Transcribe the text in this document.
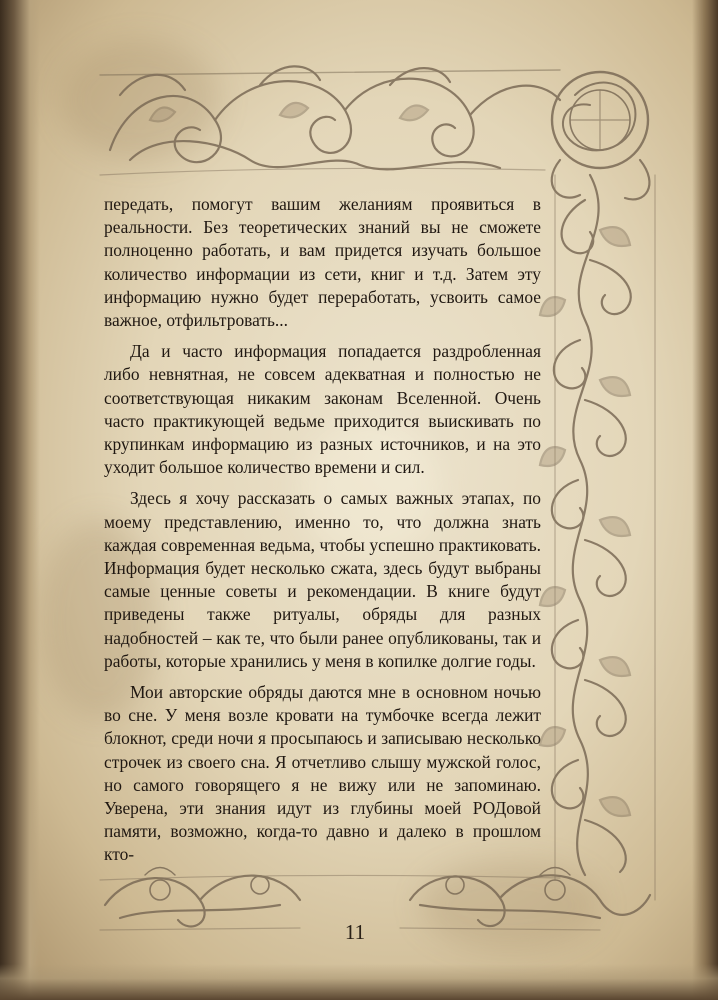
передать, помогут вашим желаниям проявиться в реальности. Без теоретических знаний вы не сможете полноценно работать, и вам придется изучать большое количество информации из сети, книг и т.д. Затем эту информацию нужно будет переработать, усвоить самое важное, отфильтровать...

Да и часто информация попадается раздробленная либо невнятная, не совсем адекватная и полностью не соответствующая никаким законам Вселенной. Очень часто практикующей ведьме приходится выискивать по крупинкам информацию из разных источников, и на это уходит большое количество времени и сил.

Здесь я хочу рассказать о самых важных этапах, по моему представлению, именно то, что должна знать каждая современная ведьма, чтобы успешно практиковать. Информация будет несколько сжата, здесь будут выбраны самые ценные советы и рекомендации. В книге будут приведены также ритуалы, обряды для разных надобностей – как те, что были ранее опубликованы, так и работы, которые хранились у меня в копилке долгие годы.

Мои авторские обряды даются мне в основном ночью во сне. У меня возле кровати на тумбочке всегда лежит блокнот, среди ночи я просыпаюсь и записываю несколько строчек из своего сна. Я отчетливо слышу мужской голос, но самого говорящего я не вижу или не запоминаю. Уверена, эти знания идут из глубины моей РОДовой памяти, возможно, когда-то давно и далеко в прошлом кто-

11
